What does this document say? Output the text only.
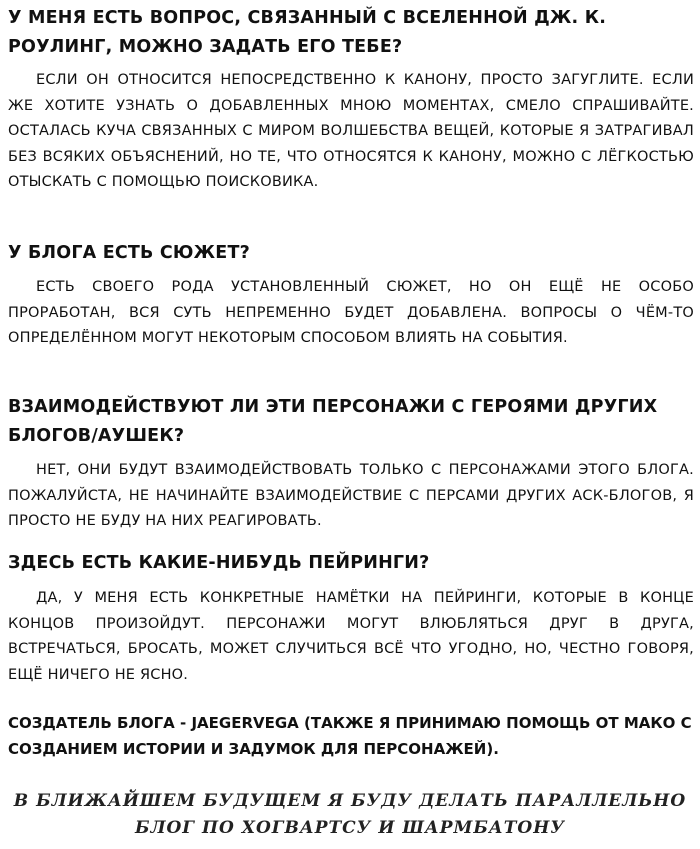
У МЕНЯ ЕСТЬ ВОПРОС, СВЯЗАННЫЙ С ВСЕЛЕННОЙ ДЖ. К. РОУЛИНГ, МОЖНО ЗАДАТЬ ЕГО ТЕБЕ?
ЕСЛИ ОН ОТНОСИТСЯ НЕПОСРЕДСТВЕННО К КАНОНУ, ПРОСТО ЗАГУГЛИТЕ. ЕСЛИ ЖЕ ХОТИТЕ УЗНАТЬ О ДОБАВЛЕННЫХ МНОЮ МОМЕНТАХ, СМЕЛО СПРАШИВАЙТЕ. ОСТАЛАСЬ КУЧА СВЯЗАННЫХ С МИРОМ ВОЛШЕБСТВА ВЕЩЕЙ, КОТОРЫЕ Я ЗАТРАГИВАЛ БЕЗ ВСЯКИХ ОБЪЯСНЕНИЙ, НО ТЕ, ЧТО ОТНОСЯТСЯ К КАНОНУ, МОЖНО С ЛЁГКОСТЬЮ ОТЫСКАТЬ С ПОМОЩЬЮ ПОИСКОВИКА.
У БЛОГА ЕСТЬ СЮЖЕТ?
ЕСТЬ СВОЕГО РОДА УСТАНОВЛЕННЫЙ СЮЖЕТ, НО ОН ЕЩЁ НЕ ОСОБО ПРОРАБОТАН, ВСЯ СУТЬ НЕПРЕМЕННО БУДЕТ ДОБАВЛЕНА. ВОПРОСЫ О ЧЁМ-ТО ОПРЕДЕЛЁННОМ МОГУТ НЕКОТОРЫМ СПОСОБОМ ВЛИЯТЬ НА СОБЫТИЯ.
ВЗАИМОДЕЙСТВУЮТ ЛИ ЭТИ ПЕРСОНАЖИ С ГЕРОЯМИ ДРУГИХ БЛОГОВ/АУШЕК?
НЕТ, ОНИ БУДУТ ВЗАИМОДЕЙСТВОВАТЬ ТОЛЬКО С ПЕРСОНАЖАМИ ЭТОГО БЛОГА. ПОЖАЛУЙСТА, НЕ НАЧИНАЙТЕ ВЗАИМОДЕЙСТВИЕ С ПЕРСАМИ ДРУГИХ АСК-БЛОГОВ, Я ПРОСТО НЕ БУДУ НА НИХ РЕАГИРОВАТЬ.
ЗДЕСЬ ЕСТЬ КАКИЕ-НИБУДЬ ПЕЙРИНГИ?
ДА, У МЕНЯ ЕСТЬ КОНКРЕТНЫЕ НАМЁТКИ НА ПЕЙРИНГИ, КОТОРЫЕ В КОНЦЕ КОНЦОВ ПРОИЗОЙДУТ. ПЕРСОНАЖИ МОГУТ ВЛЮБЛЯТЬСЯ ДРУГ В ДРУГА, ВСТРЕЧАТЬСЯ, БРОСАТЬ, МОЖЕТ СЛУЧИТЬСЯ ВСЁ ЧТО УГОДНО, НО, ЧЕСТНО ГОВОРЯ, ЕЩЁ НИЧЕГО НЕ ЯСНО.
СОЗДАТЕЛЬ БЛОГА - JAEGERVEGA (ТАКЖЕ Я ПРИНИМАЮ ПОМОЩЬ ОТ МАКО С СОЗДАНИЕМ ИСТОРИИ И ЗАДУМОК ДЛЯ ПЕРСОНАЖЕЙ).
В БЛИЖАЙШЕМ БУДУЩЕМ Я БУДУ ДЕЛАТЬ ПАРАЛЛЕЛЬНО БЛОГ ПО ХОГВАРТСУ И ШАРМБАТОНУ
